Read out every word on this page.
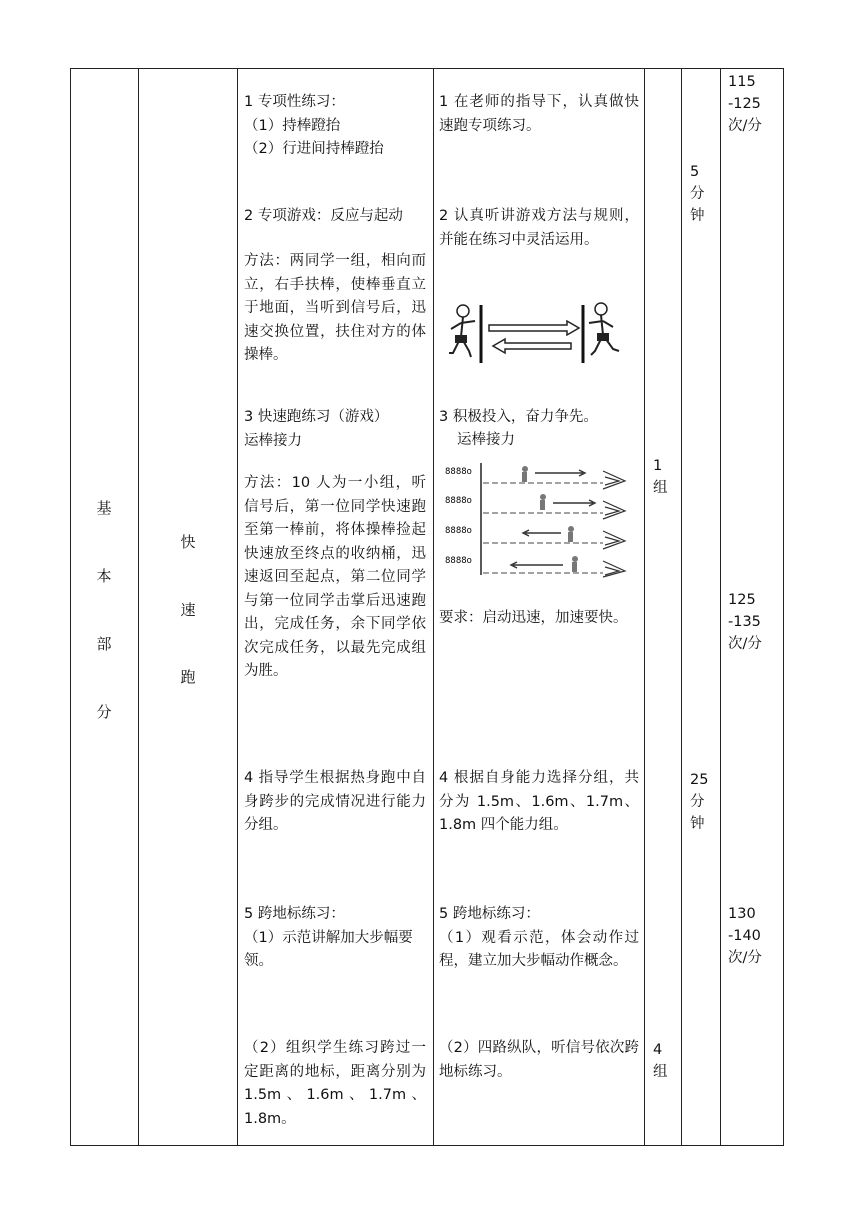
基
本
部
分
快
速
跑
1 专项性练习：
（1）持棒蹬抬
（2）行进间持棒蹬抬
2 专项游戏：反应与起动
方法：两同学一组，相向而立，右手扶棒，使棒垂直立于地面，当听到信号后，迅速交换位置，扶住对方的体操棒。
3 快速跑练习（游戏）
运棒接力
方法：10 人为一小组，听信号后，第一位同学快速跑至第一棒前，将体操棒捡起快速放至终点的收纳桶，迅速返回至起点，第二位同学与第一位同学击掌后迅速跑出，完成任务，余下同学依次完成任务，以最先完成组为胜。
4 指导学生根据热身跑中自身跨步的完成情况进行能力分组。
5 跨地标练习：
（1）示范讲解加大步幅要领。
（2）组织学生练习跨过一定距离的地标，距离分别为 1.5m、1.6m、1.7m、1.8m。
1 在老师的指导下，认真做快速跑专项练习。
2 认真听讲游戏方法与规则，并能在练习中灵活运用。
3 积极投入，奋力争先。
运棒接力
8888o
8888o
8888o
8888o
要求：启动迅速，加速要快。
4 根据自身能力选择分组，共分为 1.5m、1.6m、1.7m、1.8m 四个能力组。
5 跨地标练习：
（1）观看示范，体会动作过程，建立加大步幅动作概念。
（2）四路纵队，听信号依次跨地标练习。
1
组
4
组
5
分
钟
25
分
钟
115
-125
次/分
125
-135
次/分
130
-140
次/分
